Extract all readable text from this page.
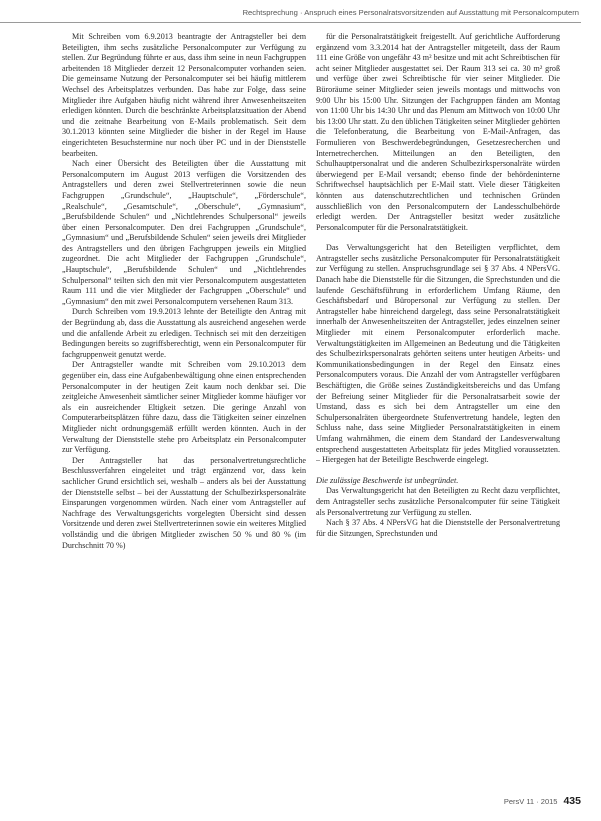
Rechtsprechung · Anspruch eines Personalratsvorsitzenden auf Ausstattung mit Personalcomputern

Mit Schreiben vom 6.9.2013 beantragte der Antragsteller bei dem Beteiligten, ihm sechs zusätzliche Personalcomputer zur Verfügung zu stellen. Zur Begründung führte er aus, dass ihm seine in neun Fachgruppen arbeitenden 18 Mitglieder derzeit 12 Personalcomputer vorhanden seien. Die gemeinsame Nutzung der Personalcomputer sei bei häufig mittlerem Wechsel des Arbeitsplatzes verbunden. Das habe zur Folge, dass seine Mitglieder ihre Aufgaben häufig nicht während ihrer Anwesenheitszeiten erledigen könnten. Durch die beschränkte Arbeitsplatzsituation der Abend und die zeitnahe Bearbeitung von E-Mails problematisch. Seit dem 30.1.2013 könnten seine Mitglieder die bisher in der Regel im Hause eingerichteten Besuchstermine nur noch über PC und in der Dienststelle bearbeiten.

Nach einer Übersicht des Beteiligten über die Ausstattung mit Personalcomputern im August 2013 verfügen die Vorsitzenden des Antragstellers und deren zwei Stellvertreterinnen sowie die neun Fachgruppen „Grundschule“, „Hauptschule“, „Förderschule“, „Realschule“, „Gesamtschule“, „Oberschule“, „Gymnasium“, „Berufsbildende Schulen“ und „Nichtlehrendes Schulpersonal“ jeweils über einen Personalcomputer. Den drei Fachgruppen „Grundschule“, „Gymnasium“ und „Berufsbildende Schulen“ seien jeweils drei Mitglieder des Antragstellers und den übrigen Fachgruppen jeweils ein Mitglied zugeordnet. Die acht Mitglieder der Fachgruppen „Grundschule“, „Hauptschule“, „Berufsbildende Schulen“ und „Nichtlehrendes Schulpersonal“ teilten sich den mit vier Personalcomputern ausgestatteten Raum 111 und die vier Mitglieder der Fachgruppen „Oberschule“ und „Gymnasium“ den mit zwei Personalcomputern versehenen Raum 313.

Durch Schreiben vom 19.9.2013 lehnte der Beteiligte den Antrag mit der Begründung ab, dass die Ausstattung als ausreichend angesehen werde und die anfallende Arbeit zu erledigen. Technisch sei mit den derzeitigen Bedingungen bereits so zugriffsberechtigt, wenn ein Personalcomputer für fachgruppenweit genutzt werde.

Der Antragsteller wandte mit Schreiben vom 29.10.2013 dem gegenüber ein, dass eine Aufgabenbewältigung ohne einen entsprechenden Personalcomputer in der heutigen Zeit kaum noch denkbar sei. Die zeitgleiche Anwesenheit sämtlicher seiner Mitglieder komme häufiger vor als ein ausreichender Eltigkeit setzen. Die geringe Anzahl von Computerarbeitsplätzen führe dazu, dass die Tätigkeiten seiner einzelnen Mitglieder nicht ordnungsgemäß erfüllt werden könnten. Auch in der Verwaltung der Dienststelle stehe pro Arbeitsplatz ein Personalcomputer zur Verfügung.

Der Antragsteller hat das personalvertretungsrechtliche Beschlussverfahren eingeleitet und trägt ergänzend vor, dass kein sachlicher Grund ersichtlich sei, weshalb – anders als bei der Ausstattung der Dienststelle selbst – bei der Ausstattung der Schulbezirkspersonalräte Einsparungen vorgenommen würden. Nach einer vom Antragsteller auf Nachfrage des Verwaltungsgerichts vorgelegten Übersicht sind dessen Vorsitzende und deren zwei Stellvertreterinnen sowie ein weiteres Mitglied vollständig und die übrigen Mitglieder zwischen 50 % und 80 % (im Durchschnitt 70 %)

für die Personalratstätigkeit freigestellt. Auf gerichtliche Aufforderung ergänzend vom 3.3.2014 hat der Antragsteller mitgeteilt, dass der Raum 111 eine Größe von ungefähr 43 m² besitze und mit acht Schreibtischen für acht seiner Mitglieder ausgestattet sei. Der Raum 313 sei ca. 30 m² groß und verfüge über zwei Schreibtische für vier seiner Mitglieder. Die Büroräume seiner Mitglieder seien jeweils montags und mittwochs von 9:00 Uhr bis 15:00 Uhr. Sitzungen der Fachgruppen fänden am Montag von 11:00 Uhr bis 14:30 Uhr und das Plenum am Mittwoch von 10:00 Uhr bis 13:00 Uhr statt. Zu den üblichen Tätigkeiten seiner Mitglieder gehörten die Telefonberatung, die Bearbeitung von E-Mail-Anfragen, das Formulieren von Beschwerdebegründungen, Gesetzesrecherchen und Internetrecherchen. Mitteilungen an den Beteiligten, den Schulhauptpersonalrat und die anderen Schulbezirkspersonalräte würden überwiegend per E-Mail versandt; ebenso finde der behördeninterne Schriftwechsel hauptsächlich per E-Mail statt. Viele dieser Tätigkeiten könnten aus datenschutzrechtlichen und technischen Gründen ausschließlich von den Personalcomputern der Landesschulbehörde erledigt werden. Der Antragsteller besitzt weder zusätzliche Personalcomputer für die Personalratstätigkeit.

Das Verwaltungsgericht hat den Beteiligten verpflichtet, dem Antragsteller sechs zusätzliche Personalcomputer für Personalratstätigkeit zur Verfügung zu stellen. Anspruchsgrundlage sei § 37 Abs. 4 NPersVG. Danach habe die Dienststelle für die Sitzungen, die Sprechstunden und die laufende Geschäftsführung in erforderlichem Umfang Räume, den Geschäftsbedarf und Büropersonal zur Verfügung zu stellen. Der Antragsteller habe hinreichend dargelegt, dass seine Personalratstätigkeit innerhalb der Anwesenheitszeiten der Antragsteller, jedes einzelnen seiner Mitglieder mit einem Personalcomputer erforderlich mache. Verwaltungstätigkeiten im Allgemeinen an Bedeutung und die Tätigkeiten des Schulbezirkspersonalrats gehörten seitens unter heutigen Arbeits- und Kommunikationsbedingungen in der Regel den Einsatz eines Personalcomputers voraus. Die Anzahl der vom Antragsteller verfügbaren Beschäftigten, die Größe seines Zuständigkeitsbereichs und das Umfang der Befreiung seiner Mitglieder für die Personalratsarbeit sowie der Umstand, dass es sich bei dem Antragsteller um eine den Schulpersonalräten übergeordnete Stufenvertretung handele, legten den Schluss nahe, dass seine Mitglieder Personalratstätigkeiten in einem Umfang wahrnähmen, die einem dem Standard der Landesverwaltung entsprechend ausgestatteten Arbeitsplatz für jedes Mitglied voraussetzten. – Hiergegen hat der Beteiligte Beschwerde eingelegt.

Die zulässige Beschwerde ist unbegründet.

Das Verwaltungsgericht hat den Beteiligten zu Recht dazu verpflichtet, dem Antragsteller sechs zusätzliche Personalcomputer für seine Tätigkeit als Personalvertretung zur Verfügung zu stellen.

Nach § 37 Abs. 4 NPersVG hat die Dienststelle der Personalvertretung für die Sitzungen, Sprechstunden und

PersV 11 · 2015 435
